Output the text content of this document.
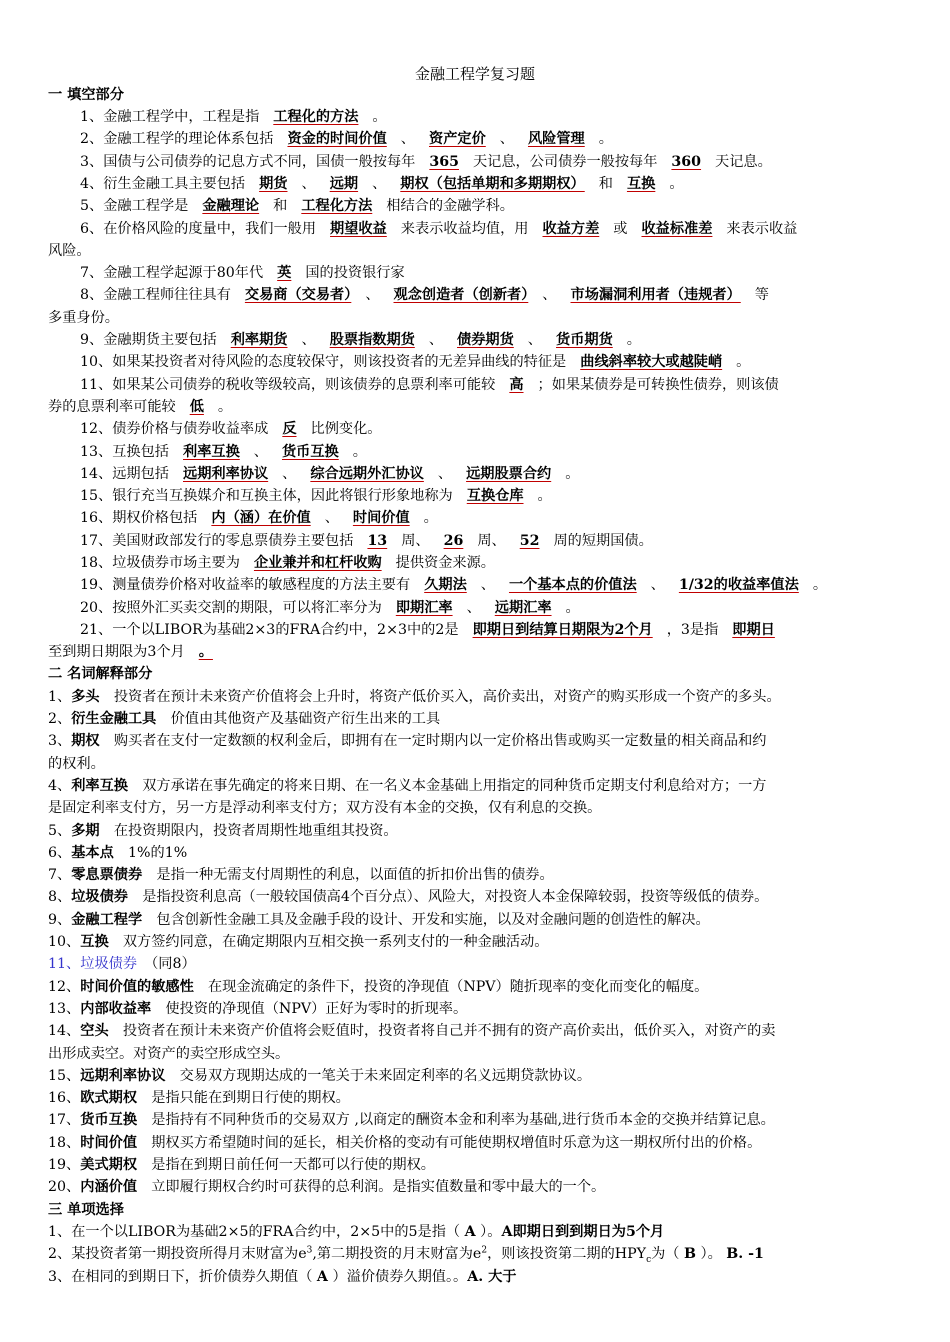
金融工程学复习题
一 填空部分
1、金融工程学中，工程是指 工程化的方法 。
2、金融工程学的理论体系包括 资金的时间价值 、 资产定价 、 风险管理 。
3、国债与公司债券的记息方式不同，国债一般按每年 365 天记息，公司债券一般按每年 360 天记息。
4、衍生金融工具主要包括 期货 、 远期 、 期权（包括单期和多期期权） 和 互换 。
5、金融工程学是 金融理论 和 工程化方法 相结合的金融学科。
6、在价格风险的度量中，我们一般用 期望收益 来表示收益均值，用 收益方差 或 收益标准差 来表示收益
风险。
7、金融工程学起源于80年代 英 国的投资银行家
8、金融工程师往往具有 交易商（交易者） 、 观念创造者（创新者） 、 市场漏洞利用者（违规者） 等
多重身份。
9、金融期货主要包括 利率期货 、 股票指数期货 、 债券期货 、 货币期货 。
10、如果某投资者对待风险的态度较保守，则该投资者的无差异曲线的特征是 曲线斜率较大或越陡峭 。
11、如果某公司债券的税收等级较高，则该债券的息票利率可能较 高 ；如果某债券是可转换性债券，则该债
券的息票利率可能较 低 。
12、债券价格与债券收益率成 反 比例变化。
13、互换包括 利率互换 、 货币互换 。
14、远期包括 远期利率协议 、 综合远期外汇协议 、 远期股票合约 。
15、银行充当互换媒介和互换主体，因此将银行形象地称为 互换仓库 。
16、期权价格包括 内（涵）在价值 、 时间价值 。
17、美国财政部发行的零息票债券主要包括 13 周、 26 周、 52 周的短期国债。
18、垃圾债券市场主要为 企业兼并和杠杆收购 提供资金来源。
19、测量债券价格对收益率的敏感程度的方法主要有 久期法 、 一个基本点的价值法 、 1/32的收益率值法 。
20、按照外汇买卖交割的期限，可以将汇率分为 即期汇率 、 远期汇率 。
21、一个以LIBOR为基础2×3的FRA合约中，2×3中的2是 即期日到结算日期限为2个月 ，3是指 即期日
至到期日期限为3个月 。
二 名词解释部分
1、多头　 投资者在预计未来资产价值将会上升时，将资产低价买入，高价卖出，对资产的购买形成一个资产的多头。
2、衍生金融工具　 价值由其他资产及基础资产衍生出来的工具
3、期权　 购买者在支付一定数额的权利金后，即拥有在一定时期内以一定价格出售或购买一定数量的相关商品和约
的权利。
4、利率互换　 双方承诺在事先确定的将来日期、在一名义本金基础上用指定的同种货币定期支付利息给对方；一方
是固定利率支付方，另一方是浮动利率支付方；双方没有本金的交换，仅有利息的交换。
5、多期　 在投资期限内，投资者周期性地重组其投资。
6、基本点　 1%的1%
7、零息票债券　 是指一种无需支付周期性的利息，以面值的折扣价出售的债券。
8、垃圾债券　 是指投资利息高（一般较国债高4个百分点）、风险大，对投资人本金保障较弱，投资等级低的债券。
9、金融工程学　 包含创新性金融工具及金融手段的设计、开发和实施，以及对金融问题的创造性的解决。
10、互换　 双方签约同意，在确定期限内互相交换一系列支付的一种金融活动。
11、垃圾债券　 （同8）
12、时间价值的敏感性　 在现金流确定的条件下，投资的净现值（NPV）随折现率的变化而变化的幅度。
13、内部收益率　 使投资的净现值（NPV）正好为零时的折现率。
14、空头　 投资者在预计未来资产价值将会贬值时，投资者将自己并不拥有的资产高价卖出，低价买入，对资产的卖
出形成卖空。对资产的卖空形成空头。
15、远期利率协议　 交易双方现期达成的一笔关于未来固定利率的名义远期贷款协议。
16、欧式期权　 是指只能在到期日行使的期权。
17、货币互换　 是指持有不同种货币的交易双方 ,以商定的酬资本金和利率为基础,进行货币本金的交换并结算记息。
18、时间价值　 期权买方希望随时间的延长，相关价格的变动有可能使期权增值时乐意为这一期权所付出的价格。
19、美式期权　 是指在到期日前任何一天都可以行使的期权。
20、内涵价值　 立即履行期权合约时可获得的总利润。是指实值数量和零中最大的一个。
三 单项选择
1、在一个以LIBOR为基础2×5的FRA合约中，2×5中的5是指（ A ）。A即期日到到期日为5个月
2、某投资者第一期投资所得月末财富为$e^3$,第二期投资的月末财富为$e^2$，则该投资第二期的$HPY_c$为（ B ）。 B. -1
3、在相同的到期日下，折价债券久期值（ A ）溢价债券久期值。。A. 大于
